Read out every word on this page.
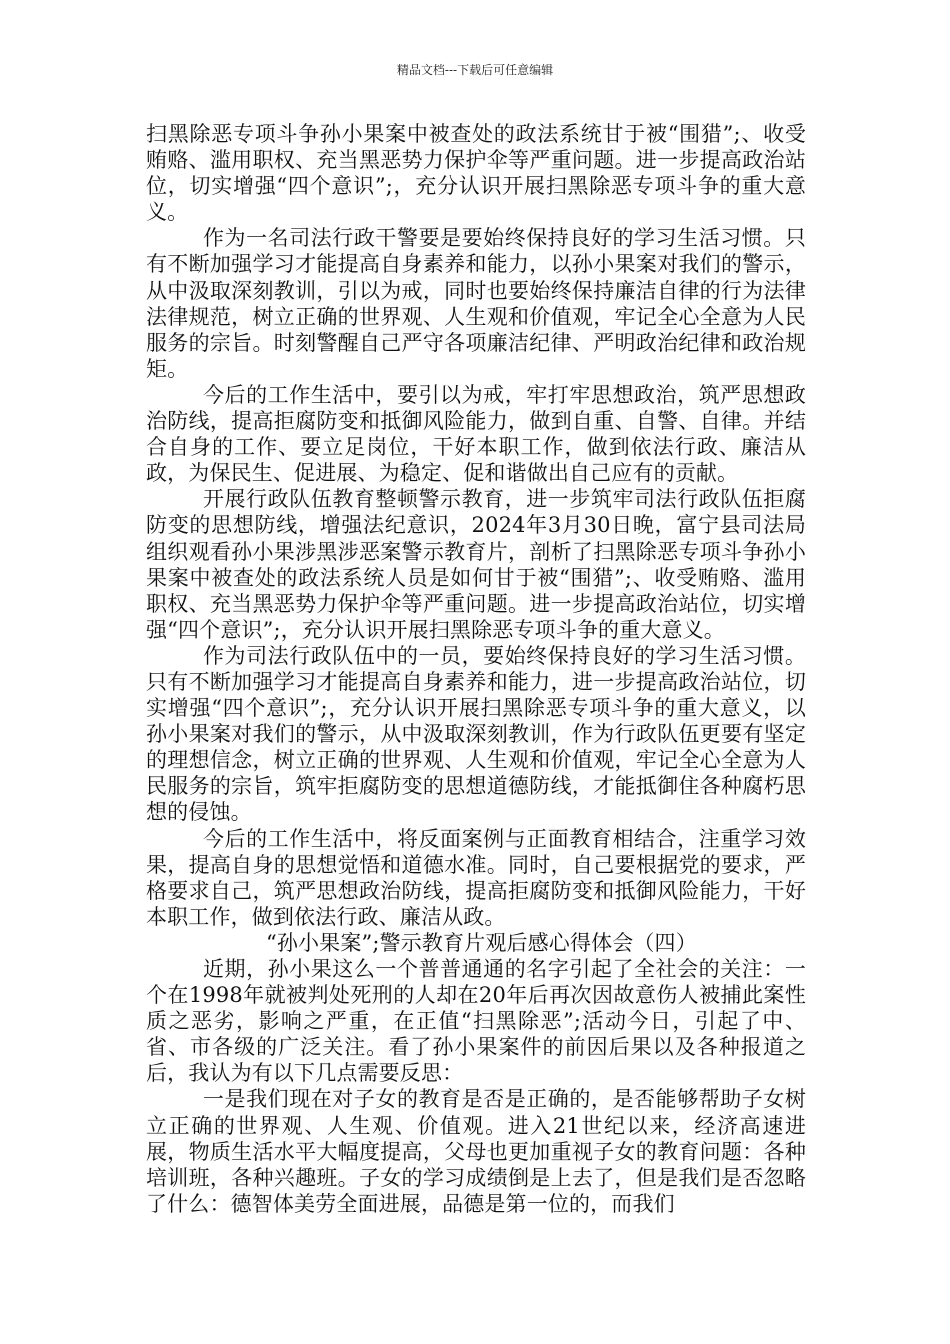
精品文档---下载后可任意编辑

扫黑除恶专项斗争孙小果案中被查处的政法系统甘于被“围猎”;、收受贿赂、滥用职权、充当黑恶势力保护伞等严重问题。进一步提高政治站位，切实增强“四个意识”;，充分认识开展扫黑除恶专项斗争的重大意义。

作为一名司法行政干警要是要始终保持良好的学习生活习惯。只有不断加强学习才能提高自身素养和能力，以孙小果案对我们的警示，从中汲取深刻教训，引以为戒，同时也要始终保持廉洁自律的行为法律法律规范，树立正确的世界观、人生观和价值观，牢记全心全意为人民服务的宗旨。时刻警醒自己严守各项廉洁纪律、严明政治纪律和政治规矩。

今后的工作生活中，要引以为戒，牢打牢思想政治，筑严思想政治防线，提高拒腐防变和抵御风险能力，做到自重、自警、自律。并结合自身的工作、要立足岗位，干好本职工作，做到依法行政、廉洁从政，为保民生、促进展、为稳定、促和谐做出自己应有的贡献。

开展行政队伍教育整顿警示教育，进一步筑牢司法行政队伍拒腐防变的思想防线，增强法纪意识，2024年3月30日晚，富宁县司法局组织观看孙小果涉黑涉恶案警示教育片，剖析了扫黑除恶专项斗争孙小果案中被查处的政法系统人员是如何甘于被“围猎”;、收受贿赂、滥用职权、充当黑恶势力保护伞等严重问题。进一步提高政治站位，切实增强“四个意识”;，充分认识开展扫黑除恶专项斗争的重大意义。

作为司法行政队伍中的一员，要始终保持良好的学习生活习惯。只有不断加强学习才能提高自身素养和能力，进一步提高政治站位，切实增强“四个意识”;，充分认识开展扫黑除恶专项斗争的重大意义，以孙小果案对我们的警示，从中汲取深刻教训，作为行政队伍更要有坚定的理想信念，树立正确的世界观、人生观和价值观，牢记全心全意为人民服务的宗旨，筑牢拒腐防变的思想道德防线，才能抵御住各种腐朽思想的侵蚀。

今后的工作生活中，将反面案例与正面教育相结合，注重学习效果，提高自身的思想觉悟和道德水准。同时，自己要根据党的要求，严格要求自己，筑严思想政治防线，提高拒腐防变和抵御风险能力，干好本职工作，做到依法行政、廉洁从政。

“孙小果案”;警示教育片观后感心得体会（四）

近期，孙小果这么一个普普通通的名字引起了全社会的关注：一个在1998年就被判处死刑的人却在20年后再次因故意伤人被捕此案性质之恶劣，影响之严重，在正值“扫黑除恶”;活动今日，引起了中、省、市各级的广泛关注。看了孙小果案件的前因后果以及各种报道之后，我认为有以下几点需要反思：

一是我们现在对子女的教育是否是正确的，是否能够帮助子女树立正确的世界观、人生观、价值观。进入21世纪以来，经济高速进展，物质生活水平大幅度提高，父母也更加重视子女的教育问题：各种培训班，各种兴趣班。子女的学习成绩倒是上去了，但是我们是否忽略了什么：德智体美劳全面进展，品德是第一位的，而我们
